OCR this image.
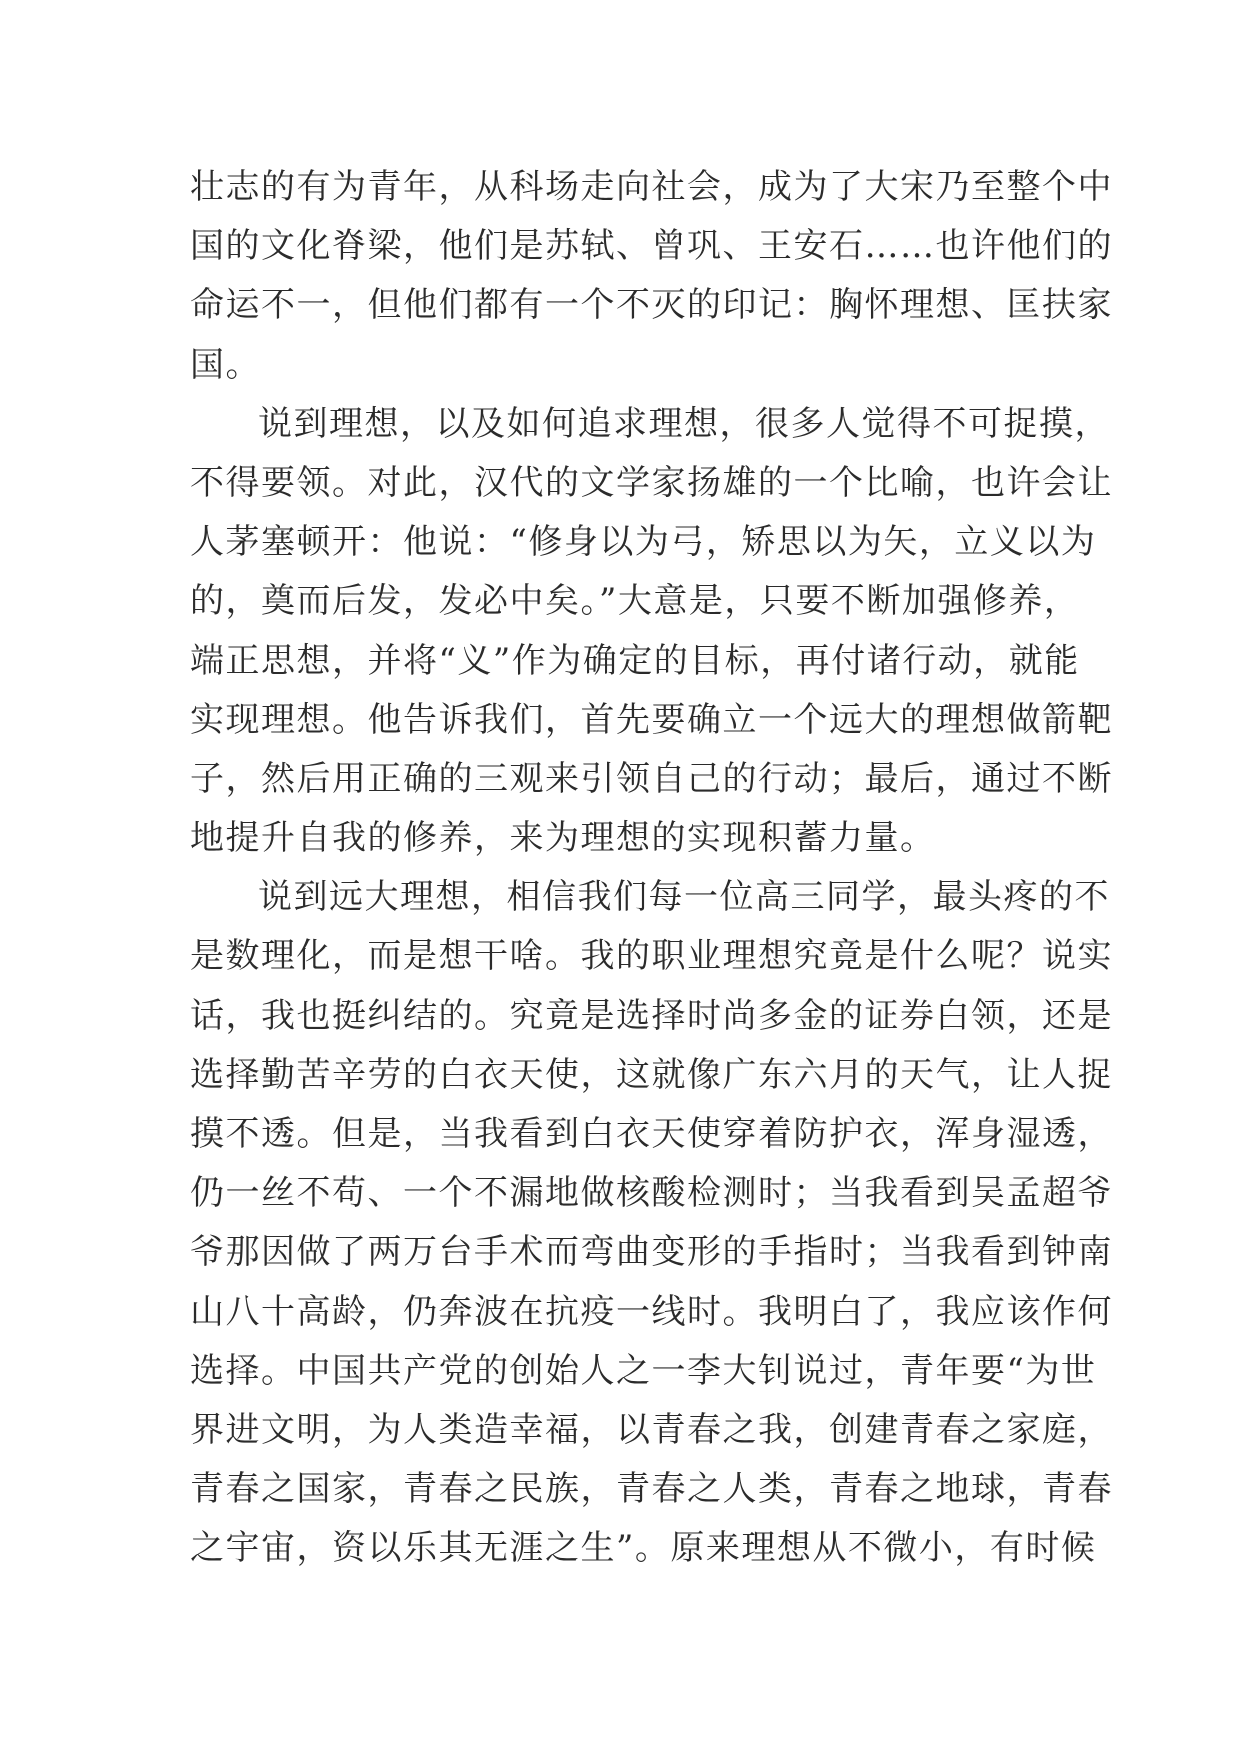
壮志的有为青年，从科场走向社会，成为了大宋乃至整个中
国的文化脊梁，他们是苏轼、曾巩、王安石……也许他们的
命运不一，但他们都有一个不灭的印记：胸怀理想、匡扶家
国。
说到理想，以及如何追求理想，很多人觉得不可捉摸，
不得要领。对此，汉代的文学家扬雄的一个比喻，也许会让
人茅塞顿开：他说：“修身以为弓，矫思以为矢，立义以为
的，奠而后发，发必中矣。”大意是，只要不断加强修养，
端正思想，并将“义”作为确定的目标，再付诸行动，就能
实现理想。他告诉我们，首先要确立一个远大的理想做箭靶
子，然后用正确的三观来引领自己的行动；最后，通过不断
地提升自我的修养，来为理想的实现积蓄力量。
说到远大理想，相信我们每一位高三同学，最头疼的不
是数理化，而是想干啥。我的职业理想究竟是什么呢？说实
话，我也挺纠结的。究竟是选择时尚多金的证券白领，还是
选择勤苦辛劳的白衣天使，这就像广东六月的天气，让人捉
摸不透。但是，当我看到白衣天使穿着防护衣，浑身湿透，
仍一丝不苟、一个不漏地做核酸检测时；当我看到吴孟超爷
爷那因做了两万台手术而弯曲变形的手指时；当我看到钟南
山八十高龄，仍奔波在抗疫一线时。我明白了，我应该作何
选择。中国共产党的创始人之一李大钊说过，青年要“为世
界进文明，为人类造幸福，以青春之我，创建青春之家庭，
青春之国家，青春之民族，青春之人类，青春之地球，青春
之宇宙，资以乐其无涯之生”。原来理想从不微小，有时候
